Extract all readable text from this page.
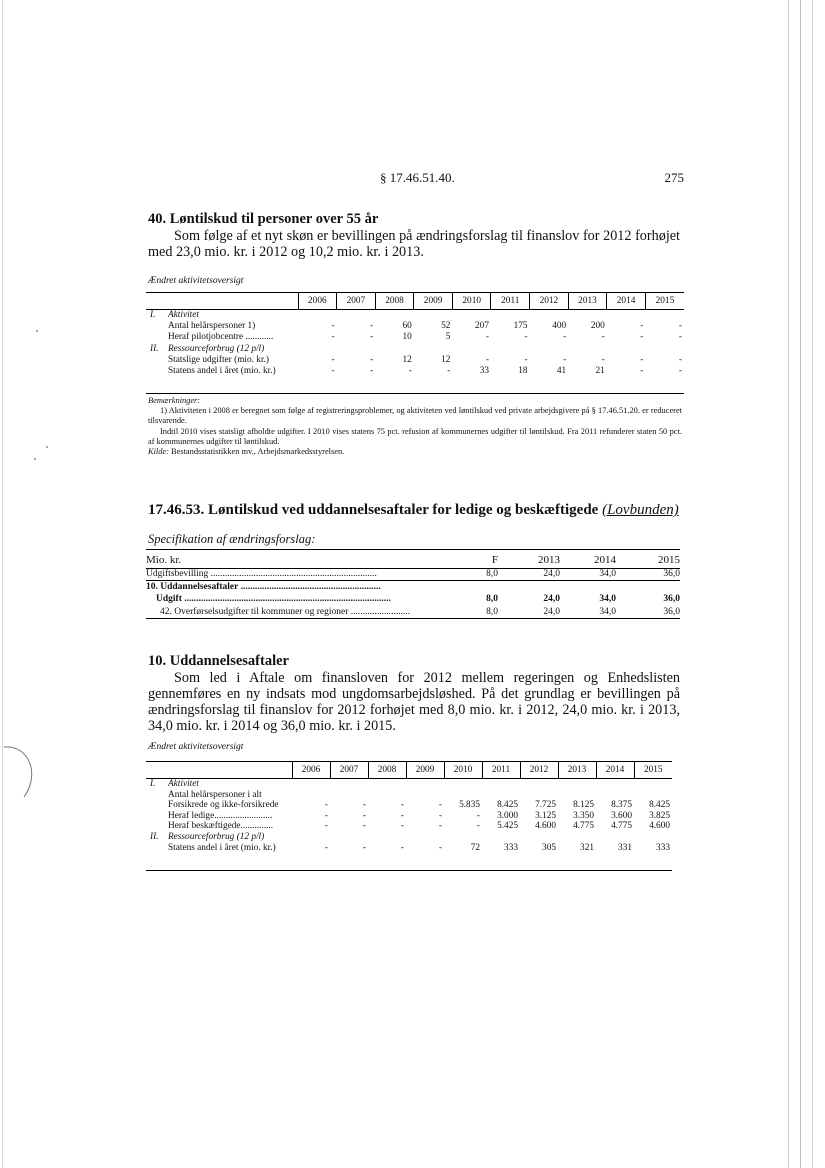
§ 17.46.51.40.	275
40. Løntilskud til personer over 55 år
Som følge af et nyt skøn er bevillingen på ændringsforslag til finanslov for 2012 forhøjet med 23,0 mio. kr. i 2012 og 10,2 mio. kr. i 2013.
Ændret aktivitetsoversigt
	2006	2007	2008	2009	2010	2011	2012	2013	2014	2015
I. Aktivitet										
Antal helårspersoner 1)	-	-	60	52	207	175	400	200	-	-
Heraf pilotjobcentre ............	-	-	10	5	-	-	-	-	-	-
II. Ressourceforbrug (12 p/l)										
Statslige udgifter (mio. kr.)	-	-	12	12	-	-	-	-	-	-
Statens andel i året (mio. kr.)	-	-	-	-	33	18	41	21	-	-

Bemærkninger:

1) Aktiviteten i 2008 er beregnet som følge af registreringsproblemer, og aktiviteten ved løntilskud ved private arbejdsgivere på § 17.46.51.20. er reduceret tilsvarende.

Indtil 2010 vises statsligt afholdte udgifter. I 2010 vises statens 75 pct. refusion af kommunernes udgifter til løntilskud. Fra 2011 refunderer staten 50 pct. af kommunernes udgifter til løntilskud.

Kilde: Bestandsstatistikken mv., Arbejdsmarkedsstyrelsen.

17.46.53. Løntilskud ved uddannelsesaftaler for ledige og beskæftigede (Lovbunden)
Specifikation af ændringsforslag:
Mio. kr.	F	2013	2014	2015
Udgiftsbevilling ......................................................................	8,0	24,0	34,0	36,0
10. Uddannelsesaftaler ...........................................................				
Udgift .......................................................................................	8,0	24,0	34,0	36,0
42. Overførselsudgifter til kommuner og regioner .........................	8,0	24,0	34,0	36,0
10. Uddannelsesaftaler
Som led i Aftale om finansloven for 2012 mellem regeringen og Enhedslisten gennemføres en ny indsats mod ungdomsarbejdsløshed. På det grundlag er bevillingen på ændringsforslag til finanslov for 2012 forhøjet med 8,0 mio. kr. i 2012, 24,0 mio. kr. i 2013, 34,0 mio. kr. i 2014 og 36,0 mio. kr. i 2015.
Ændret aktivitetsoversigt
	2006	2007	2008	2009	2010	2011	2012	2013	2014	2015
I. Aktivitet										
Antal helårspersoner i alt										
Forsikrede og ikke-forsikrede	-	-	-	-	5.835	8.425	7.725	8.125	8.375	8.425
Heraf ledige.........................	-	-	-	-	-	3.000	3.125	3.350	3.600	3.825
Heraf beskæftigede..............	-	-	-	-	-	5.425	4.600	4.775	4.775	4.600
II. Ressourceforbrug (12 p/l)										
Statens andel i året (mio. kr.)	-	-	-	-	72	333	305	321	331	333
